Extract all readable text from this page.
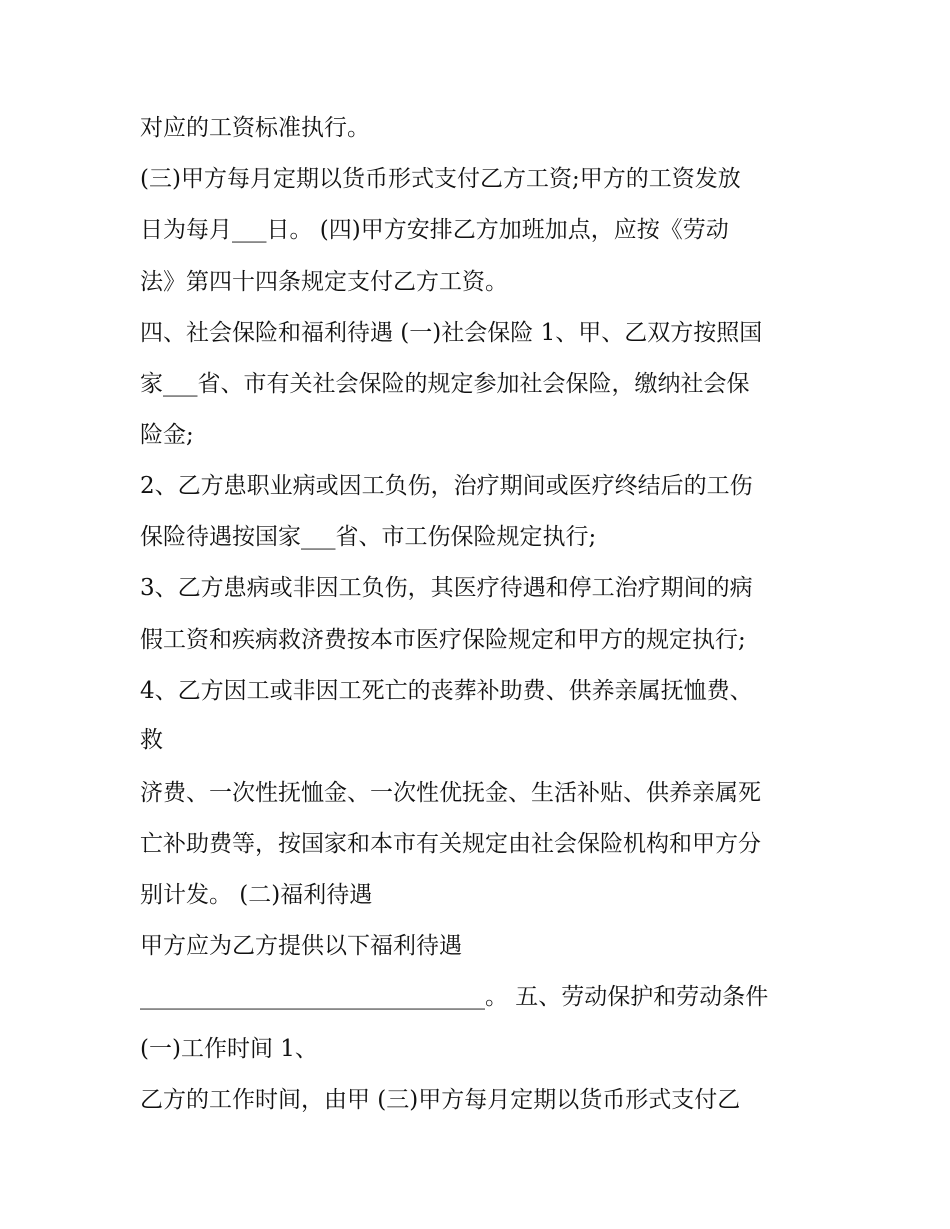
对应的工资标准执行。
(三)甲方每月定期以货币形式支付乙方工资;甲方的工资发放
日为每月___日。 (四)甲方安排乙方加班加点，应按《劳动
法》第四十四条规定支付乙方工资。
四、社会保险和福利待遇 (一)社会保险 1、甲、乙双方按照国
家___省、市有关社会保险的规定参加社会保险，缴纳社会保
险金;
2、乙方患职业病或因工负伤，治疗期间或医疗终结后的工伤
保险待遇按国家___省、市工伤保险规定执行;
3、乙方患病或非因工负伤，其医疗待遇和停工治疗期间的病
假工资和疾病救济费按本市医疗保险规定和甲方的规定执行;
4、乙方因工或非因工死亡的丧葬补助费、供养亲属抚恤费、
救
济费、一次性抚恤金、一次性优抚金、生活补贴、供养亲属死
亡补助费等，按国家和本市有关规定由社会保险机构和甲方分
别计发。 (二)福利待遇
甲方应为乙方提供以下福利待遇
______________________________。 五、劳动保护和劳动条件
(一)工作时间 1、
乙方的工作时间，由甲 (三)甲方每月定期以货币形式支付乙
